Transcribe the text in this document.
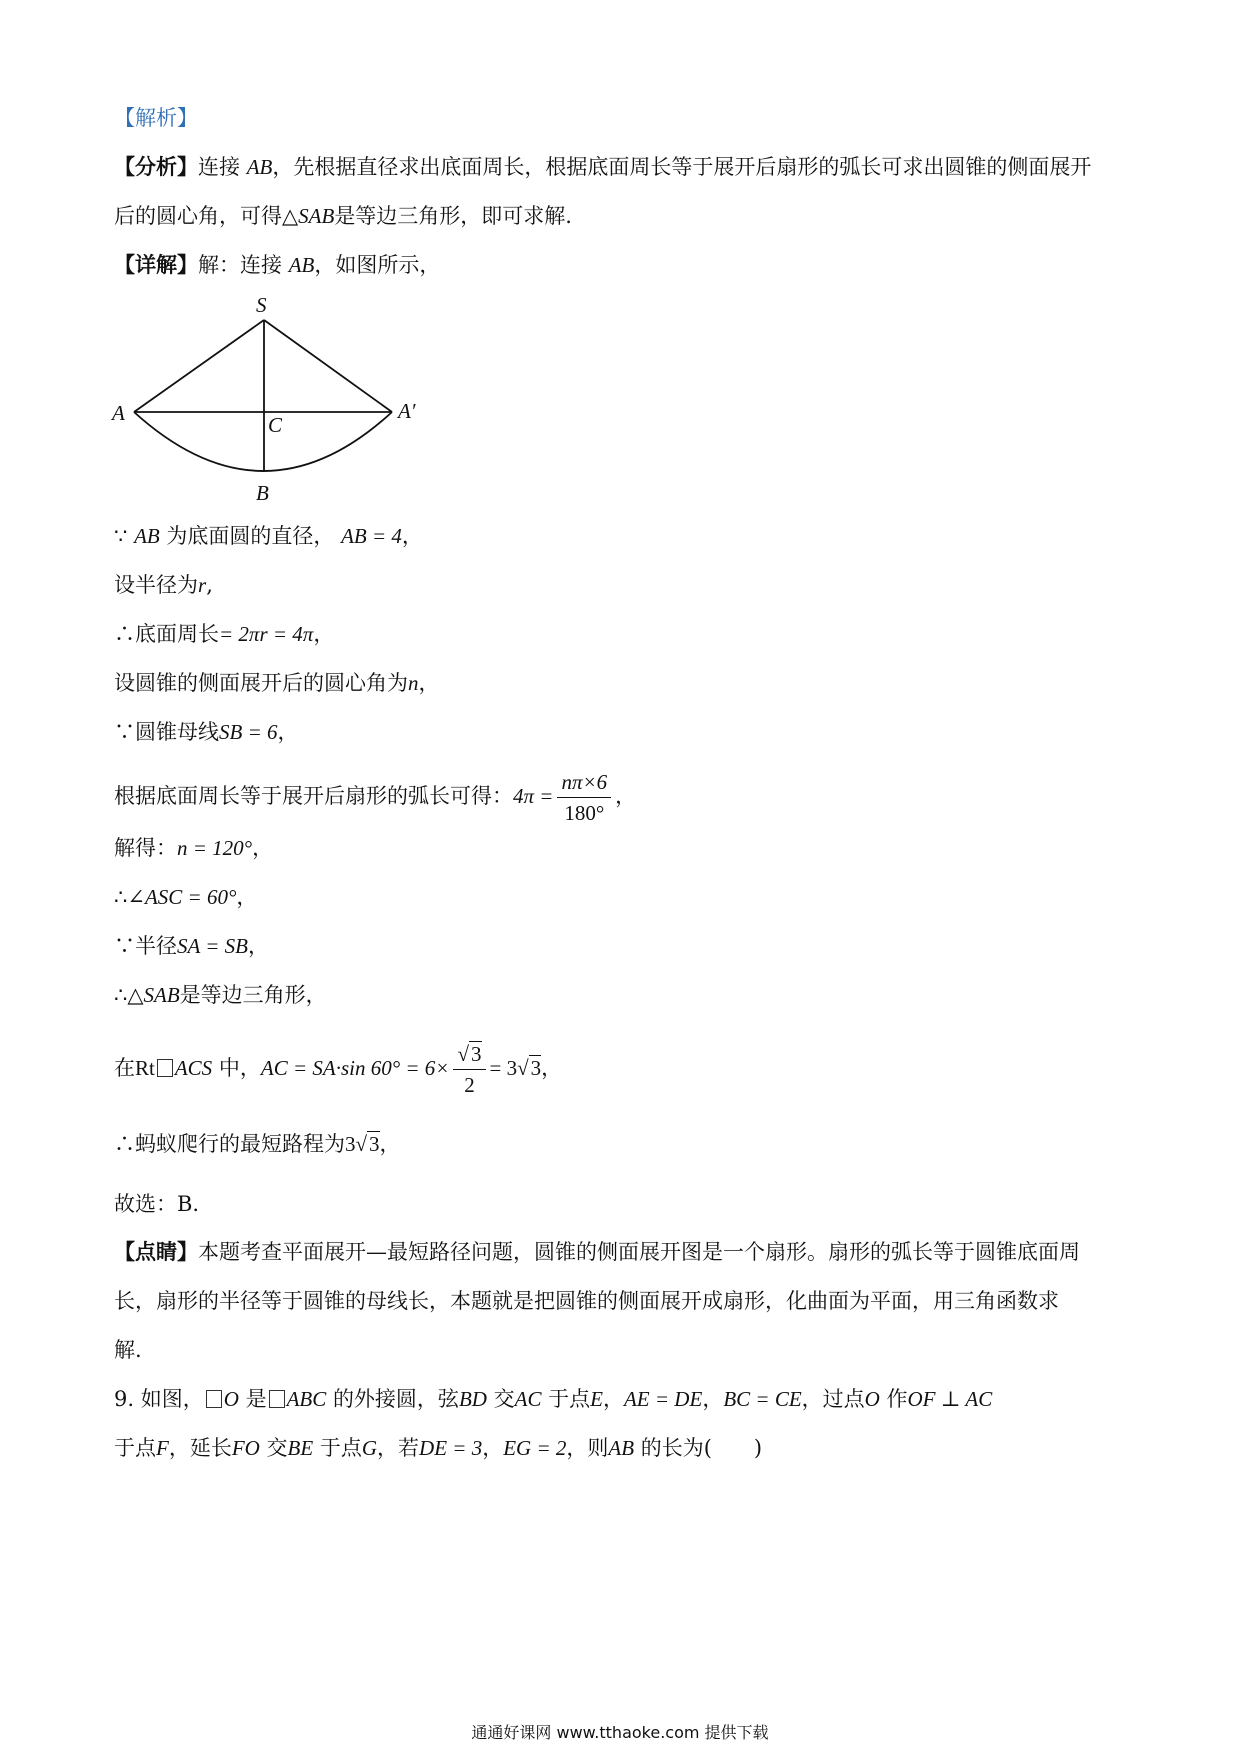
【解析】
【分析】连接 AB，先根据直径求出底面周长，根据底面周长等于展开后扇形的弧长可求出圆锥的侧面展开
后的圆心角，可得△SAB是等边三角形，即可求解.
【详解】解：连接 AB，如图所示，
S
A	A′
C
B
∵ AB 为底面圆的直径， AB = 4，
设半径为r,
∴底面周长= 2πr = 4π，
设圆锥的侧面展开后的圆心角为n，
∵圆锥母线SB = 6，
根据底面周长等于展开后扇形的弧长可得：$4\pi = \frac{n\pi\times 6}{180^\circ}$ ，
解得：n = 120°，
∴∠ASC = 60°，
∵半径SA = SB，
∴△SAB是等边三角形，
在Rt ACS 中，AC = SA·sin $60^\circ = 6\times \frac{√3}{2} = 3√3$，
∴蚂蚁爬行的最短路程为3√3，
故选：B.
【点睛】本题考查平面展开—最短路径问题，圆锥的侧面展开图是一个扇形。扇形的弧长等于圆锥底面周
长，扇形的半径等于圆锥的母线长，本题就是把圆锥的侧面展开成扇形，化曲面为平面，用三角函数求
解.
9. 如图， O 是 ABC 的外接圆，弦BD 交AC 于点E，AE = DE，BC = CE，过点O 作OF ⊥ AC
于点F，延长FO 交BE 于点G，若DE = 3，EG = 2，则AB 的长为(　　)
通通好课网 www.tthaoke.com 提供下载
